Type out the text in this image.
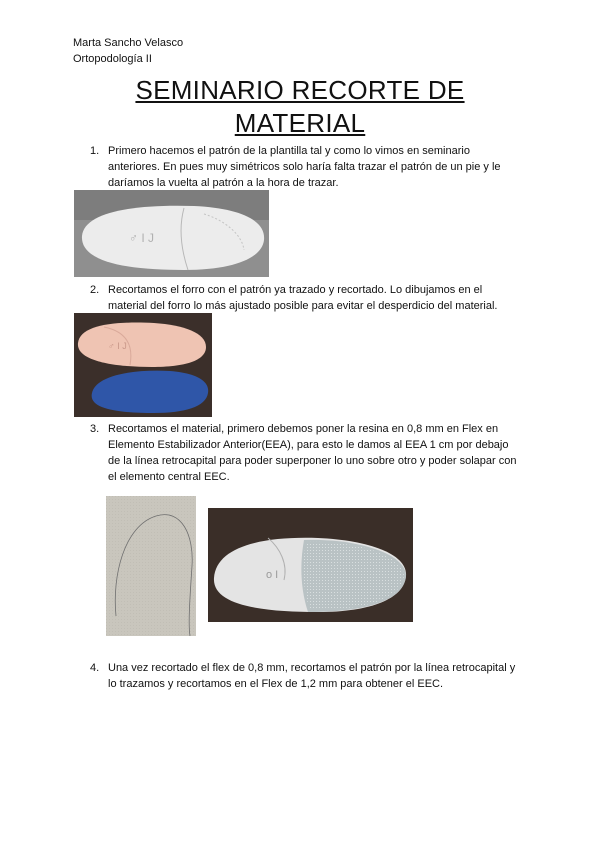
Marta Sancho Velasco
Ortopodología II
SEMINARIO RECORTE DE
MATERIAL
1. Primero hacemos el patrón de la plantilla tal y como lo vimos en seminario
anteriores. En pues muy simétricos solo haría falta trazar el patrón de un pie y le
daríamos la vuelta al patrón a la hora de trazar.
♂ I J
2. Recortamos el forro con el patrón ya trazado y recortado. Lo dibujamos en el
material del forro lo más ajustado posible para evitar el desperdicio del material.
♂ I J
3. Recortamos el material, primero debemos poner la resina en 0,8 mm en Flex en
Elemento Estabilizador Anterior(EEA), para esto le damos al EEA 1 cm por debajo
de la línea retrocapital para poder superponer lo uno sobre otro y poder solapar con
el elemento central EEC.
o I
4. Una vez recortado el flex de 0,8 mm, recortamos el patrón por la línea retrocapital y
lo trazamos y recortamos en el Flex de 1,2 mm para obtener el EEC.
